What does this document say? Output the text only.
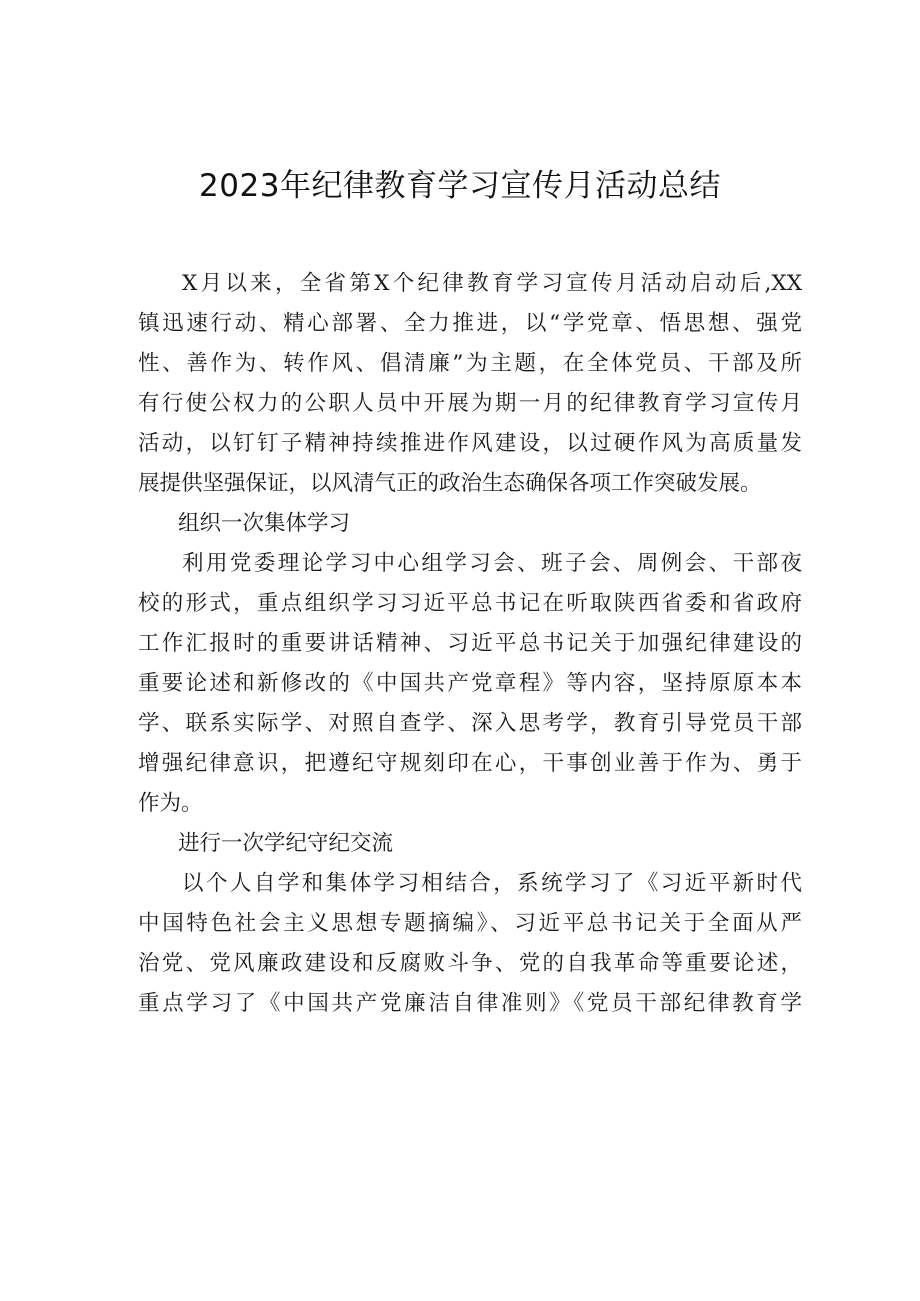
2023年纪律教育学习宣传月活动总结
X月以来，全省第X个纪律教育学习宣传月活动启动后,XX
镇迅速行动、精心部署、全力推进，以“学党章、悟思想、强党
性、善作为、转作风、倡清廉”为主题，在全体党员、干部及所
有行使公权力的公职人员中开展为期一月的纪律教育学习宣传月
活动，以钉钉子精神持续推进作风建设，以过硬作风为高质量发
展提供坚强保证，以风清气正的政治生态确保各项工作突破发展。
组织一次集体学习
利用党委理论学习中心组学习会、班子会、周例会、干部夜
校的形式，重点组织学习习近平总书记在听取陕西省委和省政府
工作汇报时的重要讲话精神、习近平总书记关于加强纪律建设的
重要论述和新修改的《中国共产党章程》等内容，坚持原原本本
学、联系实际学、对照自查学、深入思考学，教育引导党员干部
增强纪律意识，把遵纪守规刻印在心，干事创业善于作为、勇于
作为。
进行一次学纪守纪交流
以个人自学和集体学习相结合，系统学习了《习近平新时代
中国特色社会主义思想专题摘编》、习近平总书记关于全面从严
治党、党风廉政建设和反腐败斗争、党的自我革命等重要论述，
重点学习了《中国共产党廉洁自律准则》《党员干部纪律教育学
